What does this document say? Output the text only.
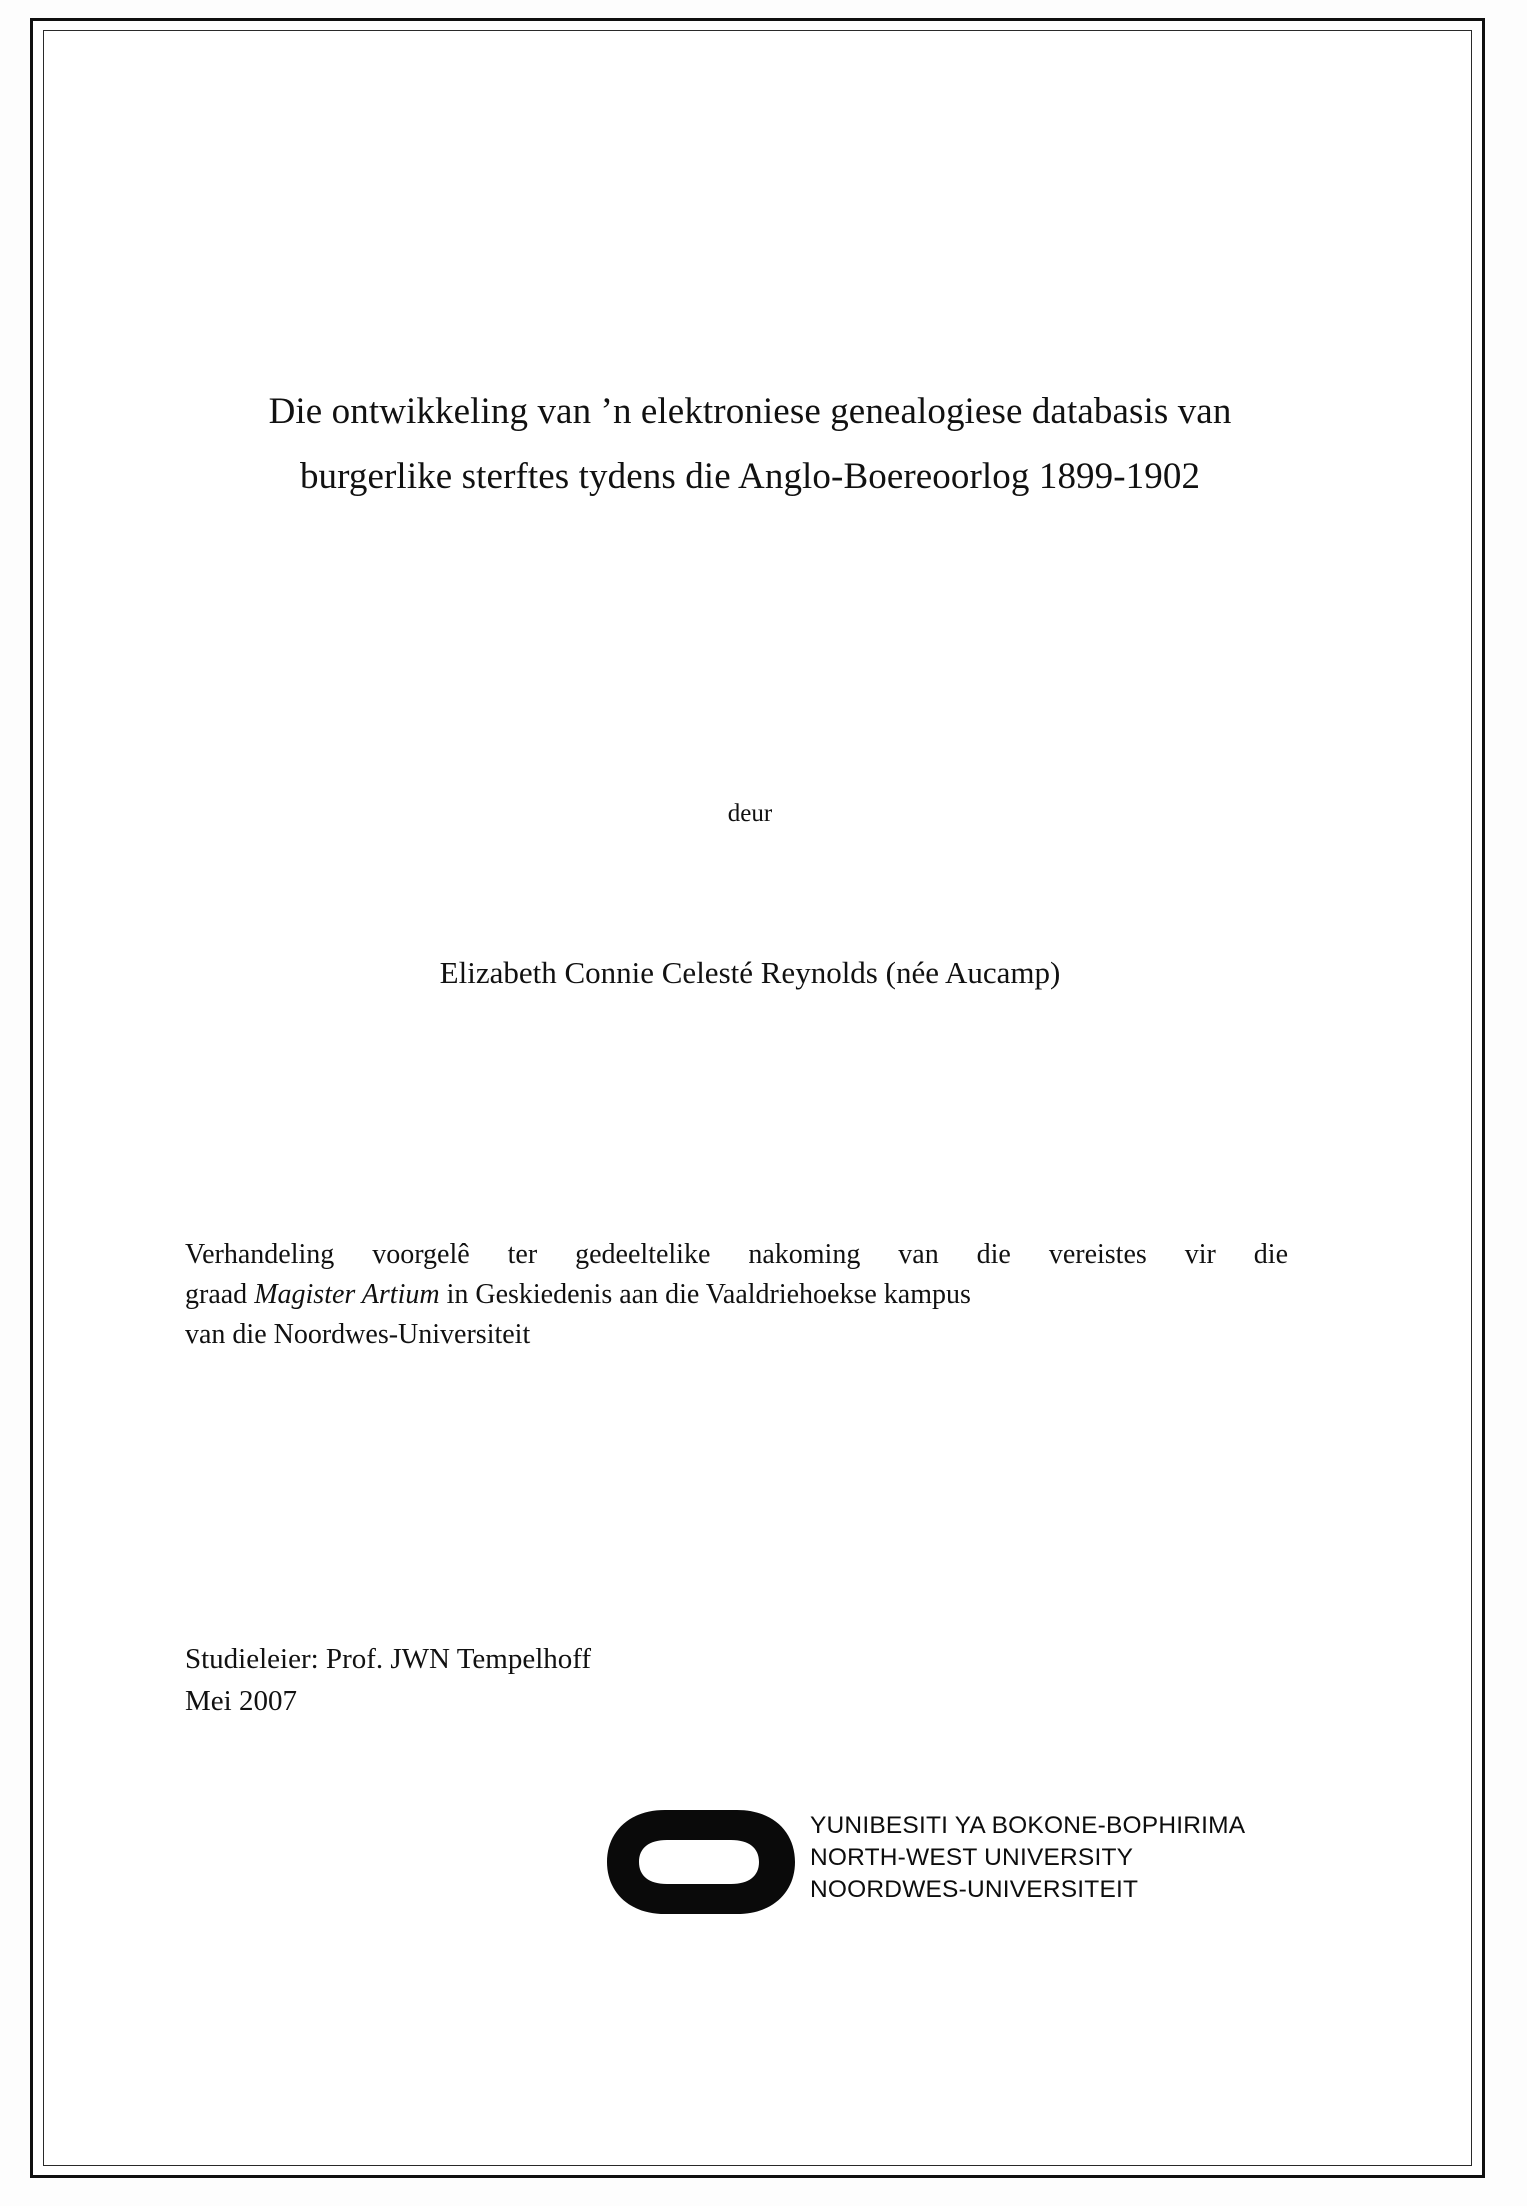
Die ontwikkeling van ’n elektroniese genealogiese databasis van
burgerlike sterftes tydens die Anglo-Boereoorlog 1899-1902
deur
Elizabeth Connie Celesté Reynolds (née Aucamp)
Verhandeling voorgelê ter gedeeltelike nakoming van die vereistes vir die
graad Magister Artium in Geskiedenis aan die Vaaldriehoekse kampus
van die Noordwes-Universiteit
Studieleier: Prof. JWN Tempelhoff
Mei 2007
YUNIBESITI YA BOKONE-BOPHIRIMA
NORTH-WEST UNIVERSITY
NOORDWES-UNIVERSITEIT
